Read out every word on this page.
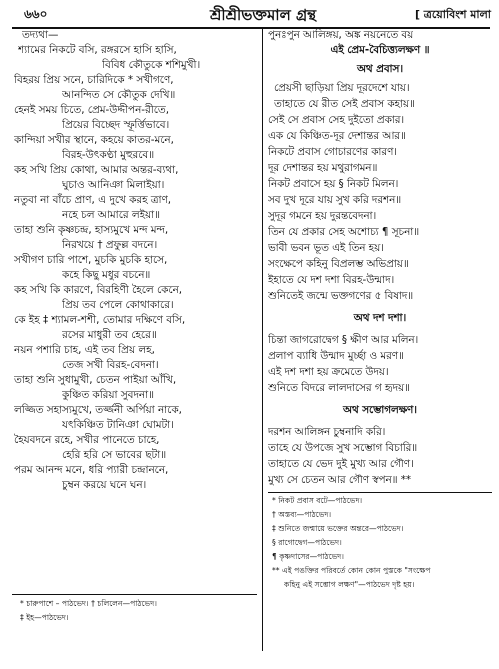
৬৬০	শ্রীশ্রীভক্তমাল গ্রন্থ	[ ত্রয়োবিংশ মালা
তদ্যথা—
শ্যামের নিকটে বসি, রঙ্গরসে হাসি হাসি,
বিবিধ কৌতুকে শশিমুখী।
বিহরয় প্রিয় সনে, চারিদিকে * সখীগণে,
আনন্দিত সে কৌতুক দেখি॥
হেনই সময় চিতে, প্রেম-উদ্দীপন-রীতে,
প্রিয়ের বিচ্ছেদ স্ফূর্ত্তিভাবে।
কান্দিয়া সখীর স্থানে, কহয়ে কাতর-মনে,
বিরহ-উৎকণ্ঠা মুহুরবে॥
কহ সখি প্রিয় কোথা, আমার অন্তর-ব্যথা,
ঘুচাও আনিঞা মিলাইয়া।
নতুবা না বাঁচে প্রাণ, এ দুখে করহ ত্রাণ,
নহে চল আমারে লইয়া॥
তাহা শুনি কৃষ্ণচন্দ্র, হাস্যমুখে মন্দ মন্দ,
নিরখয়ে † প্রফুল্ল বদনে।
সখীগণ চারি পাশে, মুচকি মুচকি হাসে,
কহে কিছু মধুর বচনে॥
কহ সখি কি কারণে, বিরহিণী হৈলে কেনে,
প্রিয় তব পেলে কোথাকারে।
কে ইহ ‡ শ্যামল-শশী, তোমার দক্ষিণে বসি,
রসের মাধুরী তব হেরে॥
নয়ন পশারি চাহ, এই তব প্রিয় লহ,
তেজ সখী বিরহ-বেদনা।
তাহা শুনি সুধামুখী, চেতন পাইয়া আঁখি,
কুঞ্চিত করিয়া সুবদনা॥
লজ্জিত সহাস্যমুখে, তর্জ্জনী অর্পিয়া নাকে,
যৎকিঞ্চিত টানিঞা ঘোমটা।
হৈযবদনে রহে, সখীর পানেতে চাহে,
হেরি হরি সে ভাবের ছটা॥
পরম আনন্দ মনে, ধরি প্যারী চন্দ্রাননে,
চুম্বন করয়ে ঘনে ঘন।
* চারুপাশে – পাঠভেদ। † চলিলেন—পাঠভেদ।
‡ ইহ—পাঠভেদ।
পুনঃপুন আলিঙ্গয়, অঙ্ক নয়নেতে বয়
এই প্রেম-বৈচিত্ত্যলক্ষণ ॥
অথ প্রবাস।
প্রেয়সী ছাড়িয়া প্রিয় দূরদেশে যায়।
তাহাতে যে রীত সেই প্রবাস কহায়॥
সেই সে প্রবাস সেহ দুইতো প্রকার।
এক যে কিঞ্চিত-দূর দেশান্তর আর॥
নিকটে প্রবাস গোচারণের কারণ।
দূর দেশান্তর হয় মথুরাগমন॥
নিকট প্রবাসে হয় § নিকট মিলন।
সব দুখ দূরে যায় সুখ করি দরশন॥
সুদূর গমনে হয় দুরন্তবেদনা।
তিন যে প্রকার সেহ অশোচ্য ¶ সূচনা॥
ভাবী ভবন ভূত এই তিন হয়।
সংক্ষেপে কহিনু বিপ্রলম্ভ অভিপ্রায়॥
ইহাতে যে দশ দশা বিরহ-উন্মাদ।
শুনিতেই জন্মে ভক্তগণের ৫ বিষাদ॥
অথ দশ দশা।
চিন্তা জাগরোদ্বেগ § ক্ষীণ আর মলিন।
প্রলাপ ব্যাধি উন্মাদ মুর্চ্ছা ও মরণ॥
এই দশ দশা হয় ক্রমেতে উদয়।
শুনিতে বিদরে লালদাসের গ হৃদয়॥
অথ সম্ভোগলক্ষণ।
দরশন আলিঙ্গন চুম্বনাদি করি।
তাহে যে উপজে সুখ সম্ভোগ বিচারি॥
তাহাতে যে ভেদ দুই মুখ্য আর গৌণ।
মুখ্য সে চেতন আর গৌণ স্বপন॥ **
* নিকট প্রবাস বটে—পাঠভেদ।
† অস্তব্য—পাঠভেদ।
‡ শুনিতে জন্মায়ে ভক্তের অন্তরে—পাঠভেদ।
§ রাগোদ্বেগ—পাঠভেদ।
¶ কৃষ্ণদাসের—পাঠভেদ।
** এই পঙক্তির পরিবর্তে কোন কোন পুস্তকে "সংক্ষেপ
কহিনু এই সম্ভোগ লক্ষণ"—পাঠভেদ দৃষ্ট হয়।
